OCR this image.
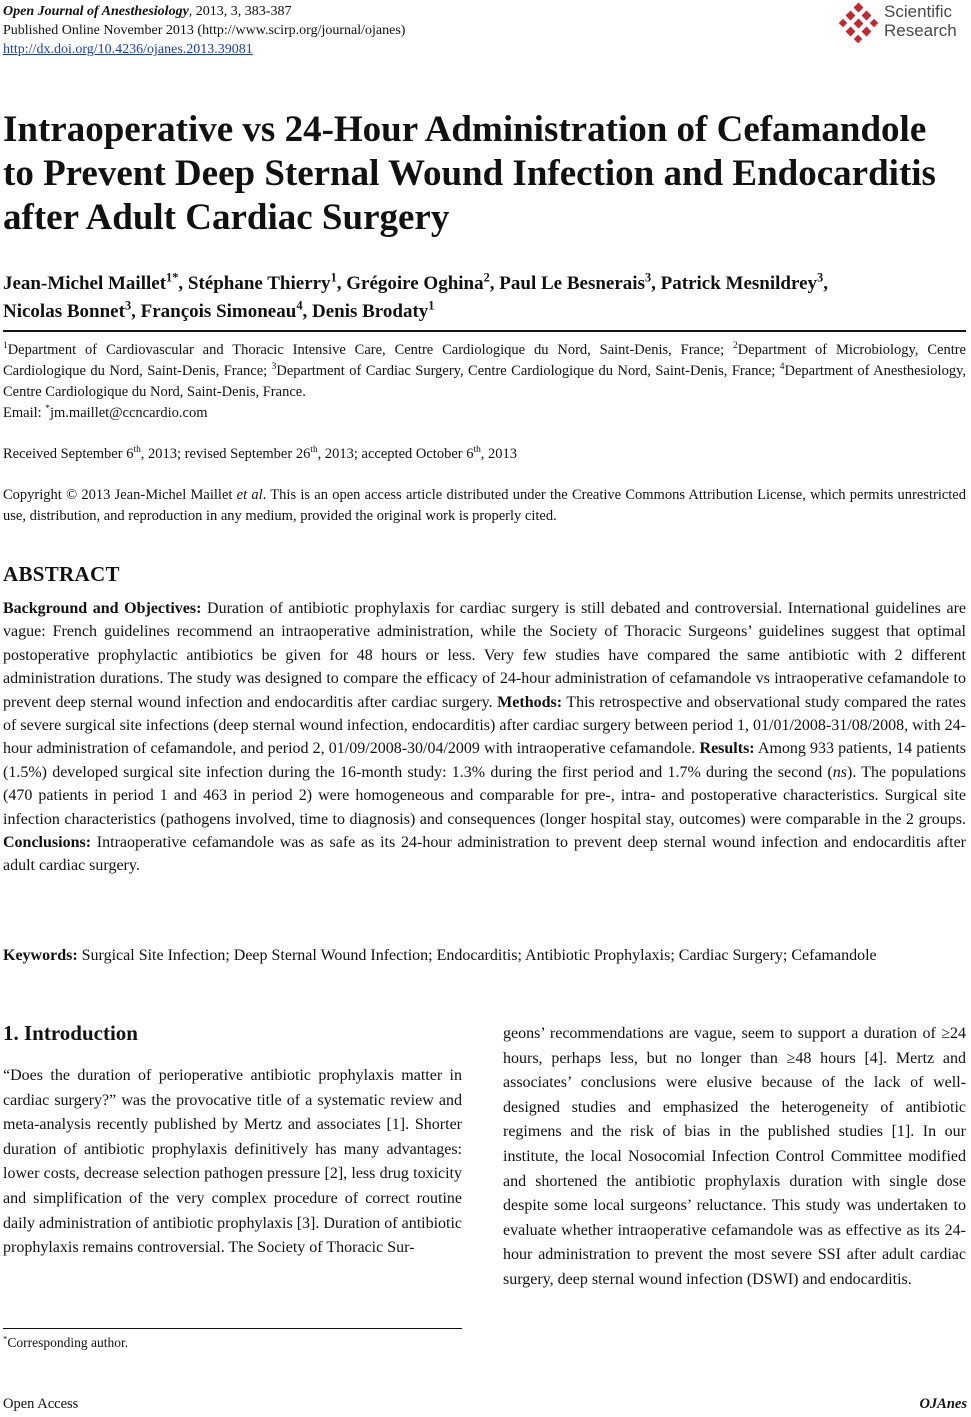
Open Journal of Anesthesiology, 2013, 3, 383-387
Published Online November 2013 (http://www.scirp.org/journal/ojanes)
http://dx.doi.org/10.4236/ojanes.2013.39081
Scientific
Research
Intraoperative vs 24-Hour Administration of Cefamandole
to Prevent Deep Sternal Wound Infection and Endocarditis
after Adult Cardiac Surgery
Jean-Michel Maillet$^{1*}$, Stéphane Thierry$^1$, Grégoire Oghina$^2$, Paul Le Besnerais$^3$, Patrick Mesnildrey$^3$,
Nicolas Bonnet$^3$, François Simoneau$^4$, Denis Brodaty$^1$
$^1$Department of Cardiovascular and Thoracic Intensive Care, Centre Cardiologique du Nord, Saint-Denis, France; $^2$Department of Microbiology, Centre Cardiologique du Nord, Saint-Denis, France; $^3$Department of Cardiac Surgery, Centre Cardiologique du Nord, Saint-Denis, France; $^4$Department of Anesthesiology, Centre Cardiologique du Nord, Saint-Denis, France.
Email: *jm.maillet@ccncardio.com
Received September 6th, 2013; revised September 26th, 2013; accepted October 6th, 2013
Copyright © 2013 Jean-Michel Maillet et al. This is an open access article distributed under the Creative Commons Attribution License, which permits unrestricted use, distribution, and reproduction in any medium, provided the original work is properly cited.
ABSTRACT
Background and Objectives: Duration of antibiotic prophylaxis for cardiac surgery is still debated and controversial. International guidelines are vague: French guidelines recommend an intraoperative administration, while the Society of Thoracic Surgeons’ guidelines suggest that optimal postoperative prophylactic antibiotics be given for 48 hours or less. Very few studies have compared the same antibiotic with 2 different administration durations. The study was designed to compare the efficacy of 24-hour administration of cefamandole vs intraoperative cefamandole to prevent deep sternal wound infection and endocarditis after cardiac surgery. Methods: This retrospective and observational study compared the rates of severe surgical site infections (deep sternal wound infection, endocarditis) after cardiac surgery between period 1, 01/01/2008-31/08/2008, with 24-hour administration of cefamandole, and period 2, 01/09/2008-30/04/2009 with intraoperative cefamandole. Results: Among 933 patients, 14 patients (1.5%) developed surgical site infection during the 16-month study: 1.3% during the first period and 1.7% during the second (ns). The populations (470 patients in period 1 and 463 in period 2) were homogeneous and comparable for pre-, intra- and postoperative characteristics. Surgical site infection characteristics (pathogens involved, time to diagnosis) and consequences (longer hospital stay, outcomes) were comparable in the 2 groups. Conclusions: Intraoperative cefamandole was as safe as its 24-hour administration to prevent deep sternal wound infection and endocarditis after adult cardiac surgery.
Keywords: Surgical Site Infection; Deep Sternal Wound Infection; Endocarditis; Antibiotic Prophylaxis; Cardiac Surgery; Cefamandole
1. Introduction
“Does the duration of perioperative antibiotic prophylaxis matter in cardiac surgery?” was the provocative title of a systematic review and meta-analysis recently published by Mertz and associates [1]. Shorter duration of antibiotic prophylaxis definitively has many advantages: lower costs, decrease selection pathogen pressure [2], less drug toxicity and simplification of the very complex procedure of correct routine daily administration of antibiotic prophylaxis [3]. Duration of antibiotic prophylaxis remains controversial. The Society of Thoracic Sur-
geons’ recommendations are vague, seem to support a duration of ≥24 hours, perhaps less, but no longer than ≥48 hours [4]. Mertz and associates’ conclusions were elusive because of the lack of well-designed studies and emphasized the heterogeneity of antibiotic regimens and the risk of bias in the published studies [1]. In our institute, the local Nosocomial Infection Control Committee modified and shortened the antibiotic prophylaxis duration with single dose despite some local surgeons’ reluctance. This study was undertaken to evaluate whether intraoperative cefamandole was as effective as its 24-hour administration to prevent the most severe SSI after adult cardiac surgery, deep sternal wound infection (DSWI) and endocarditis.
*Corresponding author.
Open Access	OJAnes
